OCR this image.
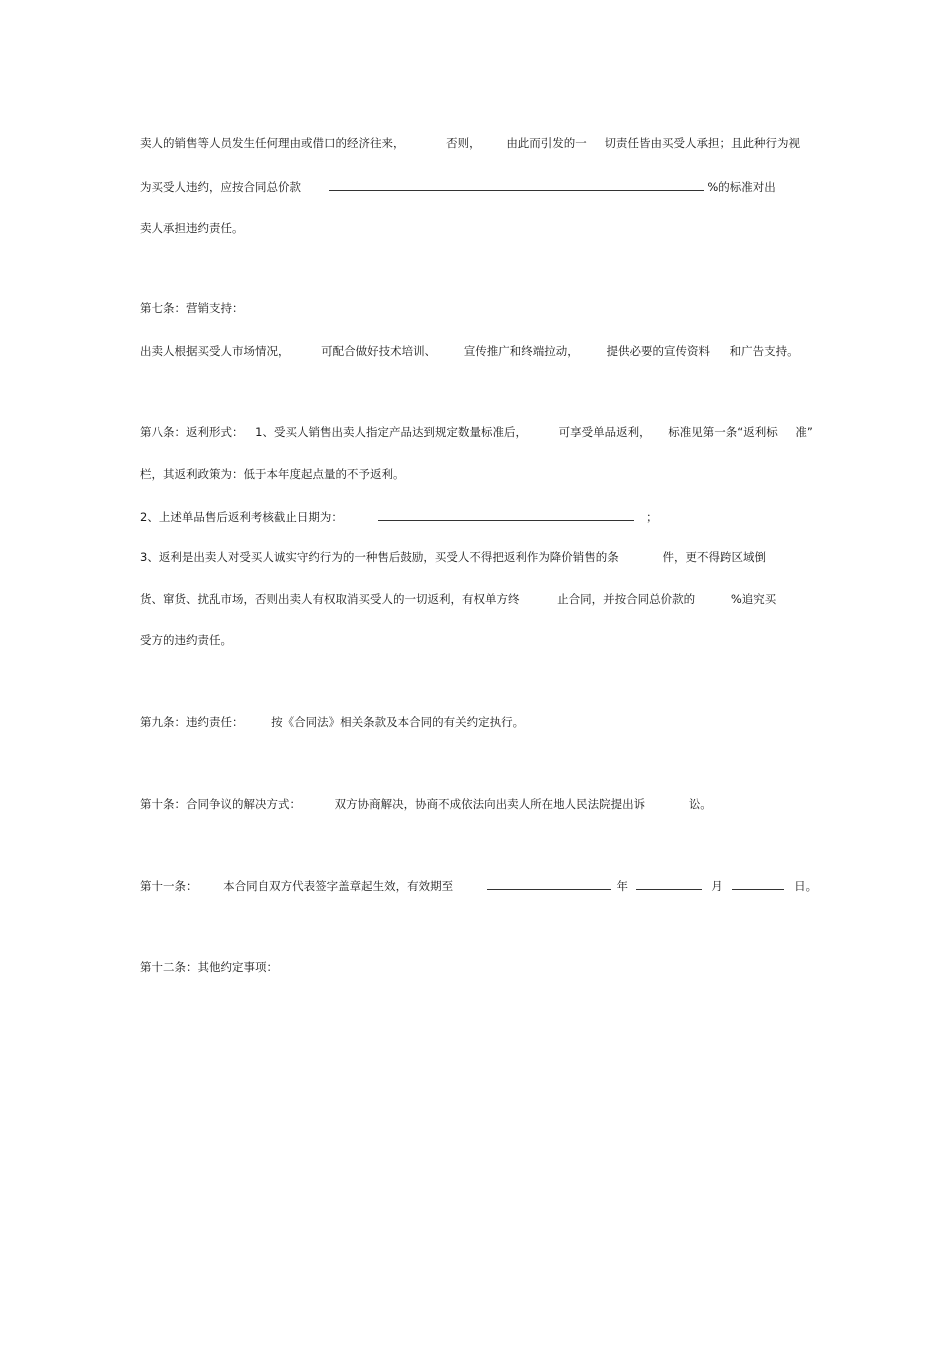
卖人的销售等人员发生任何理由或借口的经济往来，	否则， 由此而引发的一 切责任皆由买受人承担；且此种行为视
为买受人违约，应按合同总价款	%的标准对出
卖人承担违约责任。
第七条：营销支持：
出卖人根据买受人市场情况，	可配合做好技术培训、 宣传推广和终端拉动， 提供必要的宣传资料 和广告支持。
第八条：返利形式： 1、受买人销售出卖人指定产品达到规定数量标准后，	可享受单品返利， 标准见第一条“返利标 准”
栏，其返利政策为：低于本年度起点量的不予返利。
2、上述单品售后返利考核截止日期为：	；
3、返利是出卖人对受买人诚实守约行为的一种售后鼓励，买受人不得把返利作为降价销售的条	件，更不得跨区域倒
货、窜货、扰乱市场，否则出卖人有权取消买受人的一切返利，有权单方终	止合同，并按合同总价款的	%追究买
受方的违约责任。
第九条：违约责任： 按《合同法》相关条款及本合同的有关约定执行。
第十条：合同争议的解决方式：	双方协商解决，协商不成依法向出卖人所在地人民法院提出诉	讼。
第十一条： 本合同自双方代表签字盖章起生效，有效期至	年	月	日。
第十二条：其他约定事项：
